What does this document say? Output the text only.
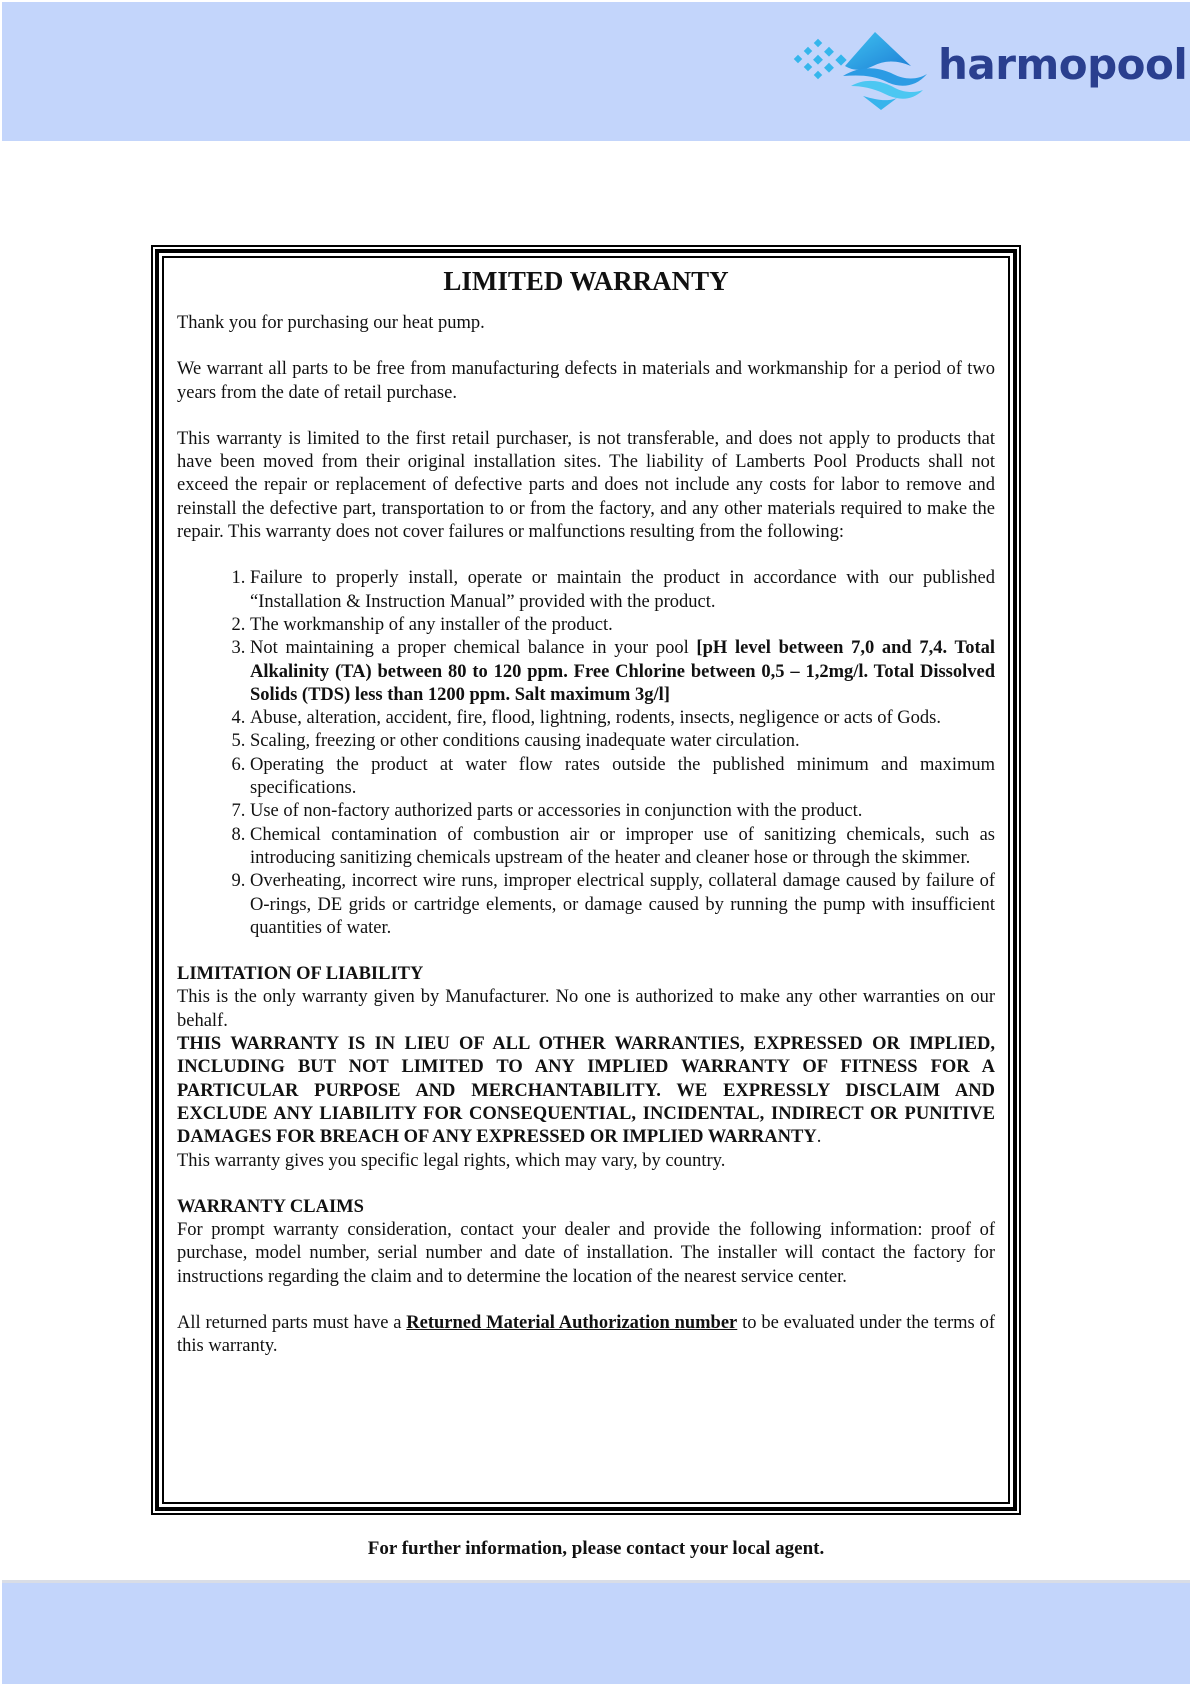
harmopool
LIMITED WARRANTY

Thank you for purchasing our heat pump.

We warrant all parts to be free from manufacturing defects in materials and workmanship for a period of two years from the date of retail purchase.

This warranty is limited to the first retail purchaser, is not transferable, and does not apply to products that have been moved from their original installation sites. The liability of Lamberts Pool Products shall not exceed the repair or replacement of defective parts and does not include any costs for labor to remove and reinstall the defective part, transportation to or from the factory, and any other materials required to make the repair. This warranty does not cover failures or malfunctions resulting from the following:

1. Failure to properly install, operate or maintain the product in accordance with our published “Installation & Instruction Manual” provided with the product.
2. The workmanship of any installer of the product.
3. Not maintaining a proper chemical balance in your pool [pH level between 7,0 and 7,4. Total Alkalinity (TA) between 80 to 120 ppm. Free Chlorine between 0,5 – 1,2mg/l. Total Dissolved Solids (TDS) less than 1200 ppm. Salt maximum 3g/l]
4. Abuse, alteration, accident, fire, flood, lightning, rodents, insects, negligence or acts of Gods.
5. Scaling, freezing or other conditions causing inadequate water circulation.
6. Operating the product at water flow rates outside the published minimum and maximum specifications.
7. Use of non-factory authorized parts or accessories in conjunction with the product.
8. Chemical contamination of combustion air or improper use of sanitizing chemicals, such as introducing sanitizing chemicals upstream of the heater and cleaner hose or through the skimmer.
9. Overheating, incorrect wire runs, improper electrical supply, collateral damage caused by failure of O-rings, DE grids or cartridge elements, or damage caused by running the pump with insufficient quantities of water.
LIMITATION OF LIABILITY

This is the only warranty given by Manufacturer. No one is authorized to make any other warranties on our behalf.

THIS WARRANTY IS IN LIEU OF ALL OTHER WARRANTIES, EXPRESSED OR IMPLIED, INCLUDING BUT NOT LIMITED TO ANY IMPLIED WARRANTY OF FITNESS FOR A PARTICULAR PURPOSE AND MERCHANTABILITY. WE EXPRESSLY DISCLAIM AND EXCLUDE ANY LIABILITY FOR CONSEQUENTIAL, INCIDENTAL, INDIRECT OR PUNITIVE DAMAGES FOR BREACH OF ANY EXPRESSED OR IMPLIED WARRANTY.

This warranty gives you specific legal rights, which may vary, by country.

WARRANTY CLAIMS

For prompt warranty consideration, contact your dealer and provide the following information: proof of purchase, model number, serial number and date of installation. The installer will contact the factory for instructions regarding the claim and to determine the location of the nearest service center.

All returned parts must have a Returned Material Authorization number to be evaluated under the terms of this warranty.

For further information, please contact your local agent.
